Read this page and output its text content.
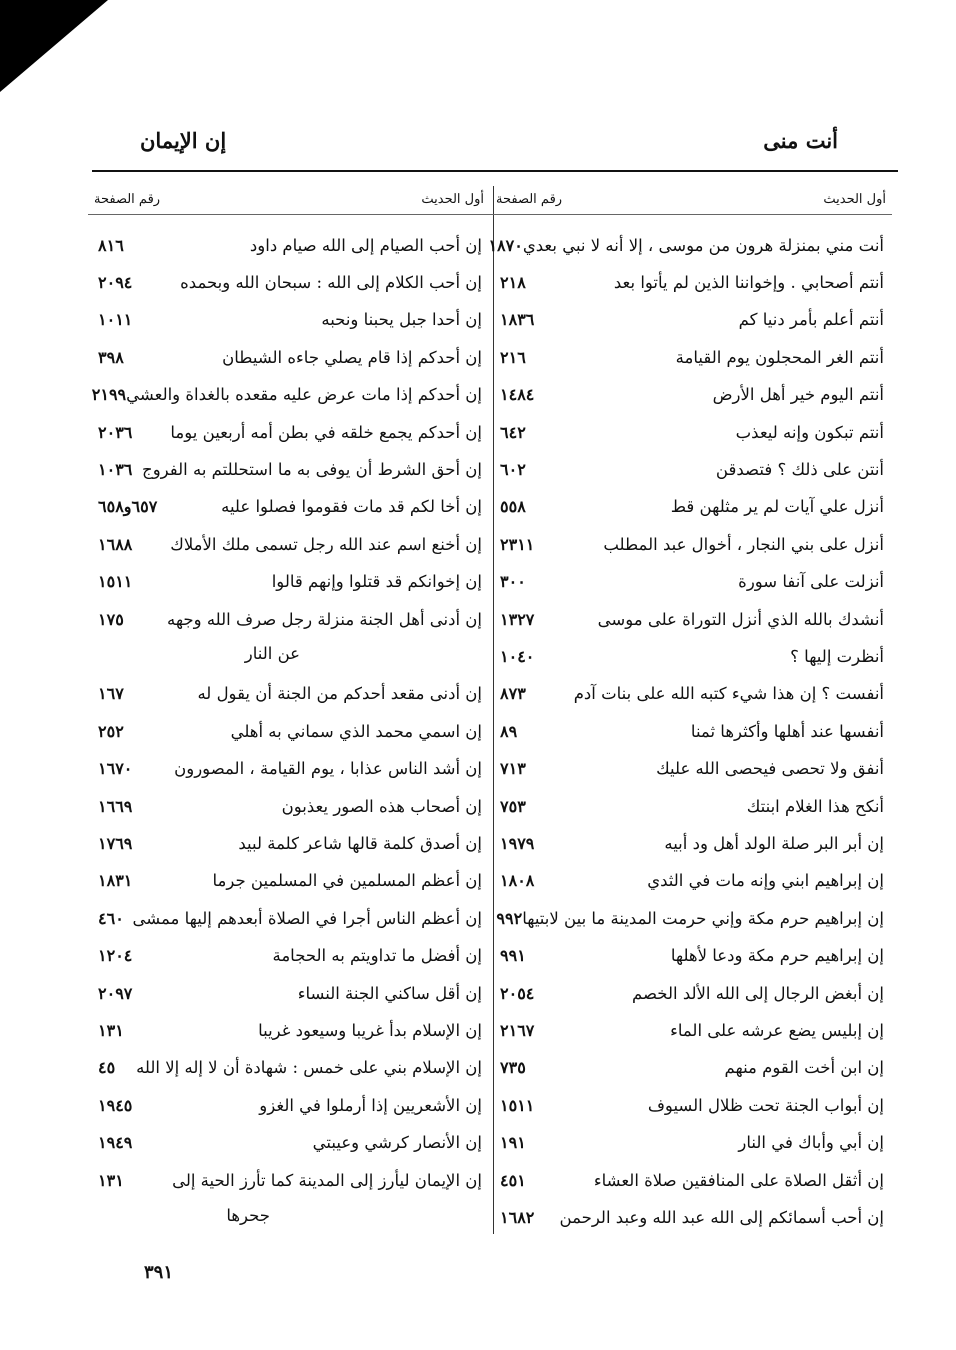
أنت منى
إن الإيمان
أول الحديث
رقم الصفحة
أنت مني بمنزلة هرون من موسى ، إلا أنه لا نبي بعدي
١٨٧٠
أنتم أصحابي . وإخواننا الذين لم يأتوا بعد
٢١٨
أنتم أعلم بأمر دنيا كم
١٨٣٦
أنتم الغر المحجلون يوم القيامة
٢١٦
أنتم اليوم خير أهل الأرض
١٤٨٤
أنتم تبكون وإنه ليعذب
٦٤٢
أنتن على ذلك ؟ فتصدقن
٦٠٢
أنزل علي آيات لم ير مثلهن قط
٥٥٨
أنزل على بني النجار ، أخوال عبد المطلب
٢٣١١
أنزلت على آنفا سورة
٣٠٠
أنشدك بالله الذي أنزل التوراة على موسى
١٣٢٧
أنظرت إليها ؟
١٠٤٠
أنفست ؟ إن هذا شيء كتبه الله على بنات آدم
٨٧٣
أنفسها عند أهلها وأكثرها ثمنا
٨٩
أنفق ولا تحصى فيحصى الله عليك
٧١٣
أنكح هذا الغلام ابنتك
٧٥٣
إن أبر البر صلة الولد أهل ود أبيه
١٩٧٩
إن إبراهيم ابني وإنه مات في الثدي
١٨٠٨
إن إبراهيم حرم مكة وإني حرمت المدينة ما بين لابتيها
٩٩٢
إن إبراهيم حرم مكة ودعا لأهلها
٩٩١
إن أبغض الرجال إلى الله الألد الخصم
٢٠٥٤
إن إبليس يضع عرشه على الماء
٢١٦٧
إن ابن أخت القوم منهم
٧٣٥
إن أبواب الجنة تحت ظلال السيوف
١٥١١
إن أبي وأباك في النار
١٩١
إن أثقل الصلاة على المنافقين صلاة العشاء
٤٥١
إن أحب أسمائكم إلى الله عبد الله وعبد الرحمن
١٦٨٢
أول الحديث
رقم الصفحة
إن أحب الصيام إلى الله صيام داود
٨١٦
إن أحب الكلام إلى الله : سبحان الله وبحمده
٢٠٩٤
إن أحدا جبل يحبنا ونحبه
١٠١١
إن أحدكم إذا قام يصلي جاءه الشيطان
٣٩٨
إن أحدكم إذا مات عرض عليه مقعده بالغداة والعشي
٢١٩٩
إن أحدكم يجمع خلقه في بطن أمه أربعين يوما
٢٠٣٦
إن أحق الشرط أن يوفى به ما استحللتم به الفروج
١٠٣٦
إن أخا لكم قد مات فقوموا فصلوا عليه
٦٥٧و٦٥٨
إن أخنع اسم عند الله رجل تسمى ملك الأملاك
١٦٨٨
إن إخوانكم قد قتلوا وإنهم قالوا
١٥١١
إن أدنى أهل الجنة منزلة رجل صرف الله وجهه
١٧٥
إن أدنى مقعد أحدكم من الجنة أن يقول له
١٦٧
إن اسمي محمد الذي سماني به أهلي
٢٥٢
إن أشد الناس عذابا ، يوم القيامة ، المصورون
١٦٧٠
إن أصحاب هذه الصور يعذبون
١٦٦٩
إن أصدق كلمة قالها شاعر كلمة لبيد
١٧٦٩
إن أعظم المسلمين في المسلمين جرما
١٨٣١
إن أعظم الناس أجرا في الصلاة أبعدهم إليها ممشى
٤٦٠
إن أفضل ما تداويتم به الحجامة
١٢٠٤
إن أقل ساكني الجنة النساء
٢٠٩٧
إن الإسلام بدأ غريبا وسيعود غريبا
١٣١
إن الإسلام بني على خمس : شهادة أن لا إله إلا الله
٤٥
إن الأشعريين إذا أرملوا في الغزو
١٩٤٥
إن الأنصار كرشي وعيبتي
١٩٤٩
إن الإيمان ليأرز إلى المدينة كما تأرز الحية إلى
١٣١
عن النار
جحرها
٣٩١
